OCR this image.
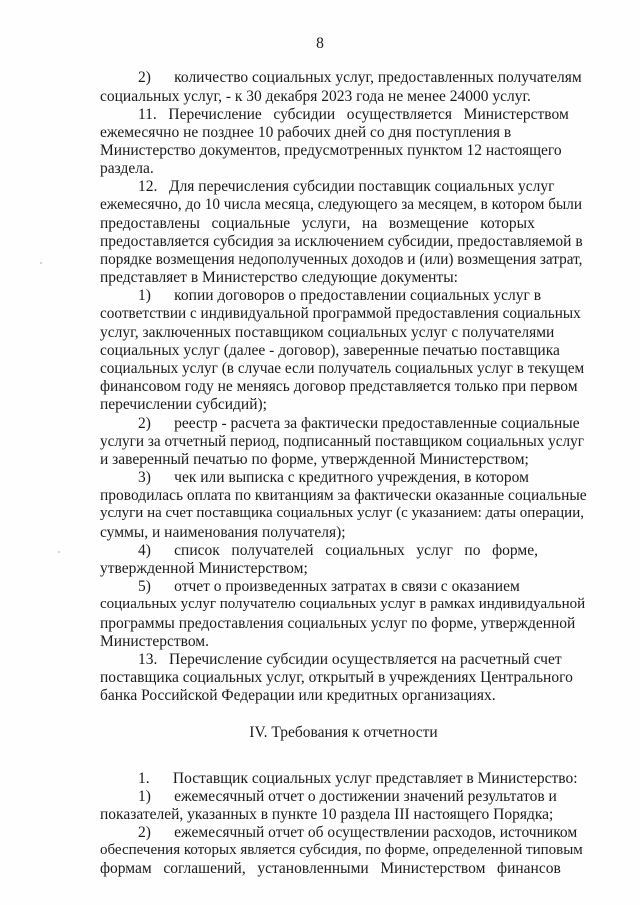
8
2)      количество социальных услуг, предоставленных получателям
социальных услуг, - к 30 декабря 2023 года не менее 24000 услуг.
11.   Перечисление   субсидии   осуществляется   Министерством
ежемесячно не позднее 10 рабочих дней со дня поступления в
Министерство документов, предусмотренных пунктом 12 настоящего
раздела.
12.   Для перечисления субсидии поставщик социальных услуг
ежемесячно, до 10 числа месяца, следующего за месяцем, в котором были
предоставлены   социальные   услуги,   на   возмещение   которых
предоставляется субсидия за исключением субсидии, предоставляемой в
порядке возмещения недополученных доходов и (или) возмещения затрат,
представляет в Министерство следующие документы:
1)      копии договоров о предоставлении социальных услуг в
соответствии с индивидуальной программой предоставления социальных
услуг, заключенных поставщиком социальных услуг с получателями
социальных услуг (далее - договор), заверенные печатью поставщика
социальных услуг (в случае если получатель социальных услуг в текущем
финансовом году не меняясь договор представляется только при первом
перечислении субсидий);
2)      реестр - расчета за фактически предоставленные социальные
услуги за отчетный период, подписанный поставщиком социальных услуг
и заверенный печатью по форме, утвержденной Министерством;
3)      чек или выписка с кредитного учреждения, в котором
проводилась оплата по квитанциям за фактически оказанные социальные
услуги на счет поставщика социальных услуг (с указанием: даты операции,
суммы, и наименования получателя);
4)      список   получателей   социальных   услуг   по   форме,
утвержденной Министерством;
5)      отчет о произведенных затратах в связи с оказанием
социальных услуг получателю социальных услуг в рамках индивидуальной
программы предоставления социальных услуг по форме, утвержденной
Министерством.
13.   Перечисление субсидии осуществляется на расчетный счет
поставщика социальных услуг, открытый в учреждениях Центрального
банка Российской Федерации или кредитных организациях.
IV. Требования к отчетности
1.      Поставщик социальных услуг представляет в Министерство:
1)      ежемесячный отчет о достижении значений результатов и
показателей, указанных в пункте 10 раздела III настоящего Порядка;
2)      ежемесячный отчет об осуществлении расходов, источником
обеспечения которых является субсидия, по форме, определенной типовым
формам   соглашений,   установленными   Министерством   финансов
